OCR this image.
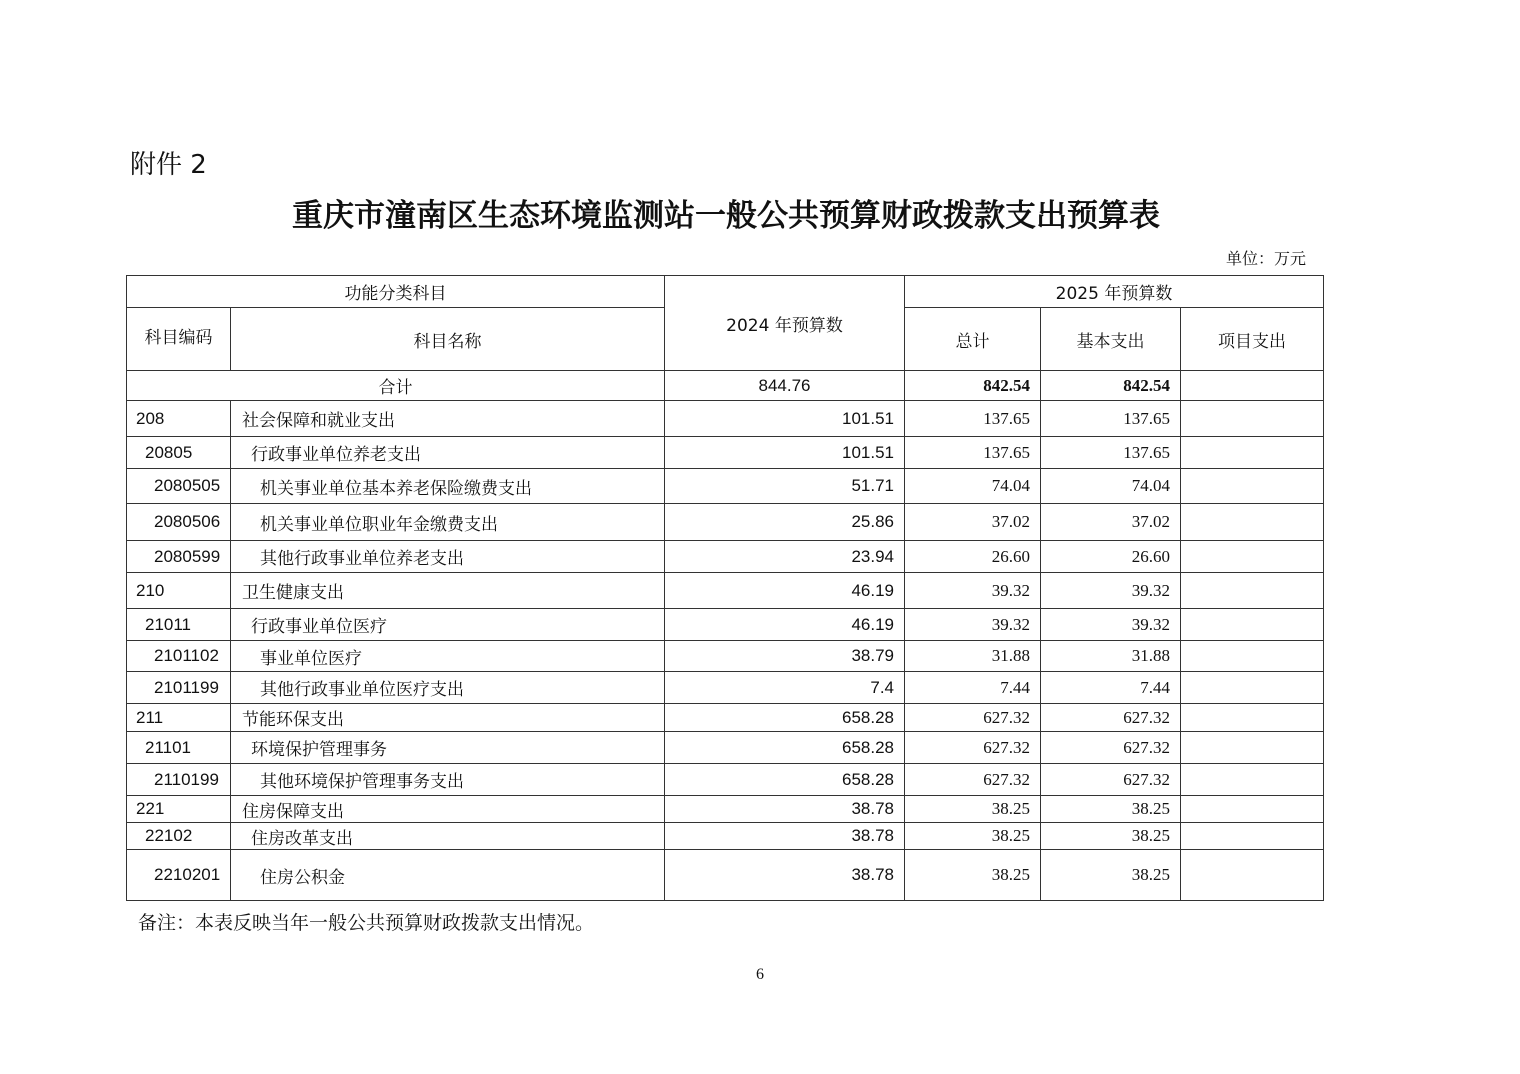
附件 2
重庆市潼南区生态环境监测站一般公共预算财政拨款支出预算表
单位：万元
功能分类科目		2024 年预算数	2025 年预算数		
科目编码	科目名称		总计	基本支出	项目支出
合计		844.76	842.54	842.54	
208	社会保障和就业支出	101.51	137.65	137.65	
20805	行政事业单位养老支出	101.51	137.65	137.65	
2080505	机关事业单位基本养老保险缴费支出	51.71	74.04	74.04	
2080506	机关事业单位职业年金缴费支出	25.86	37.02	37.02	
2080599	其他行政事业单位养老支出	23.94	26.60	26.60	
210	卫生健康支出	46.19	39.32	39.32	
21011	行政事业单位医疗	46.19	39.32	39.32	
2101102	事业单位医疗	38.79	31.88	31.88	
2101199	其他行政事业单位医疗支出	7.4	7.44	7.44	
211	节能环保支出	658.28	627.32	627.32	
21101	环境保护管理事务	658.28	627.32	627.32	
2110199	其他环境保护管理事务支出	658.28	627.32	627.32	
221	住房保障支出	38.78	38.25	38.25	
22102	住房改革支出	38.78	38.25	38.25	
2210201	住房公积金	38.78	38.25	38.25	
备注：本表反映当年一般公共预算财政拨款支出情况。
6
